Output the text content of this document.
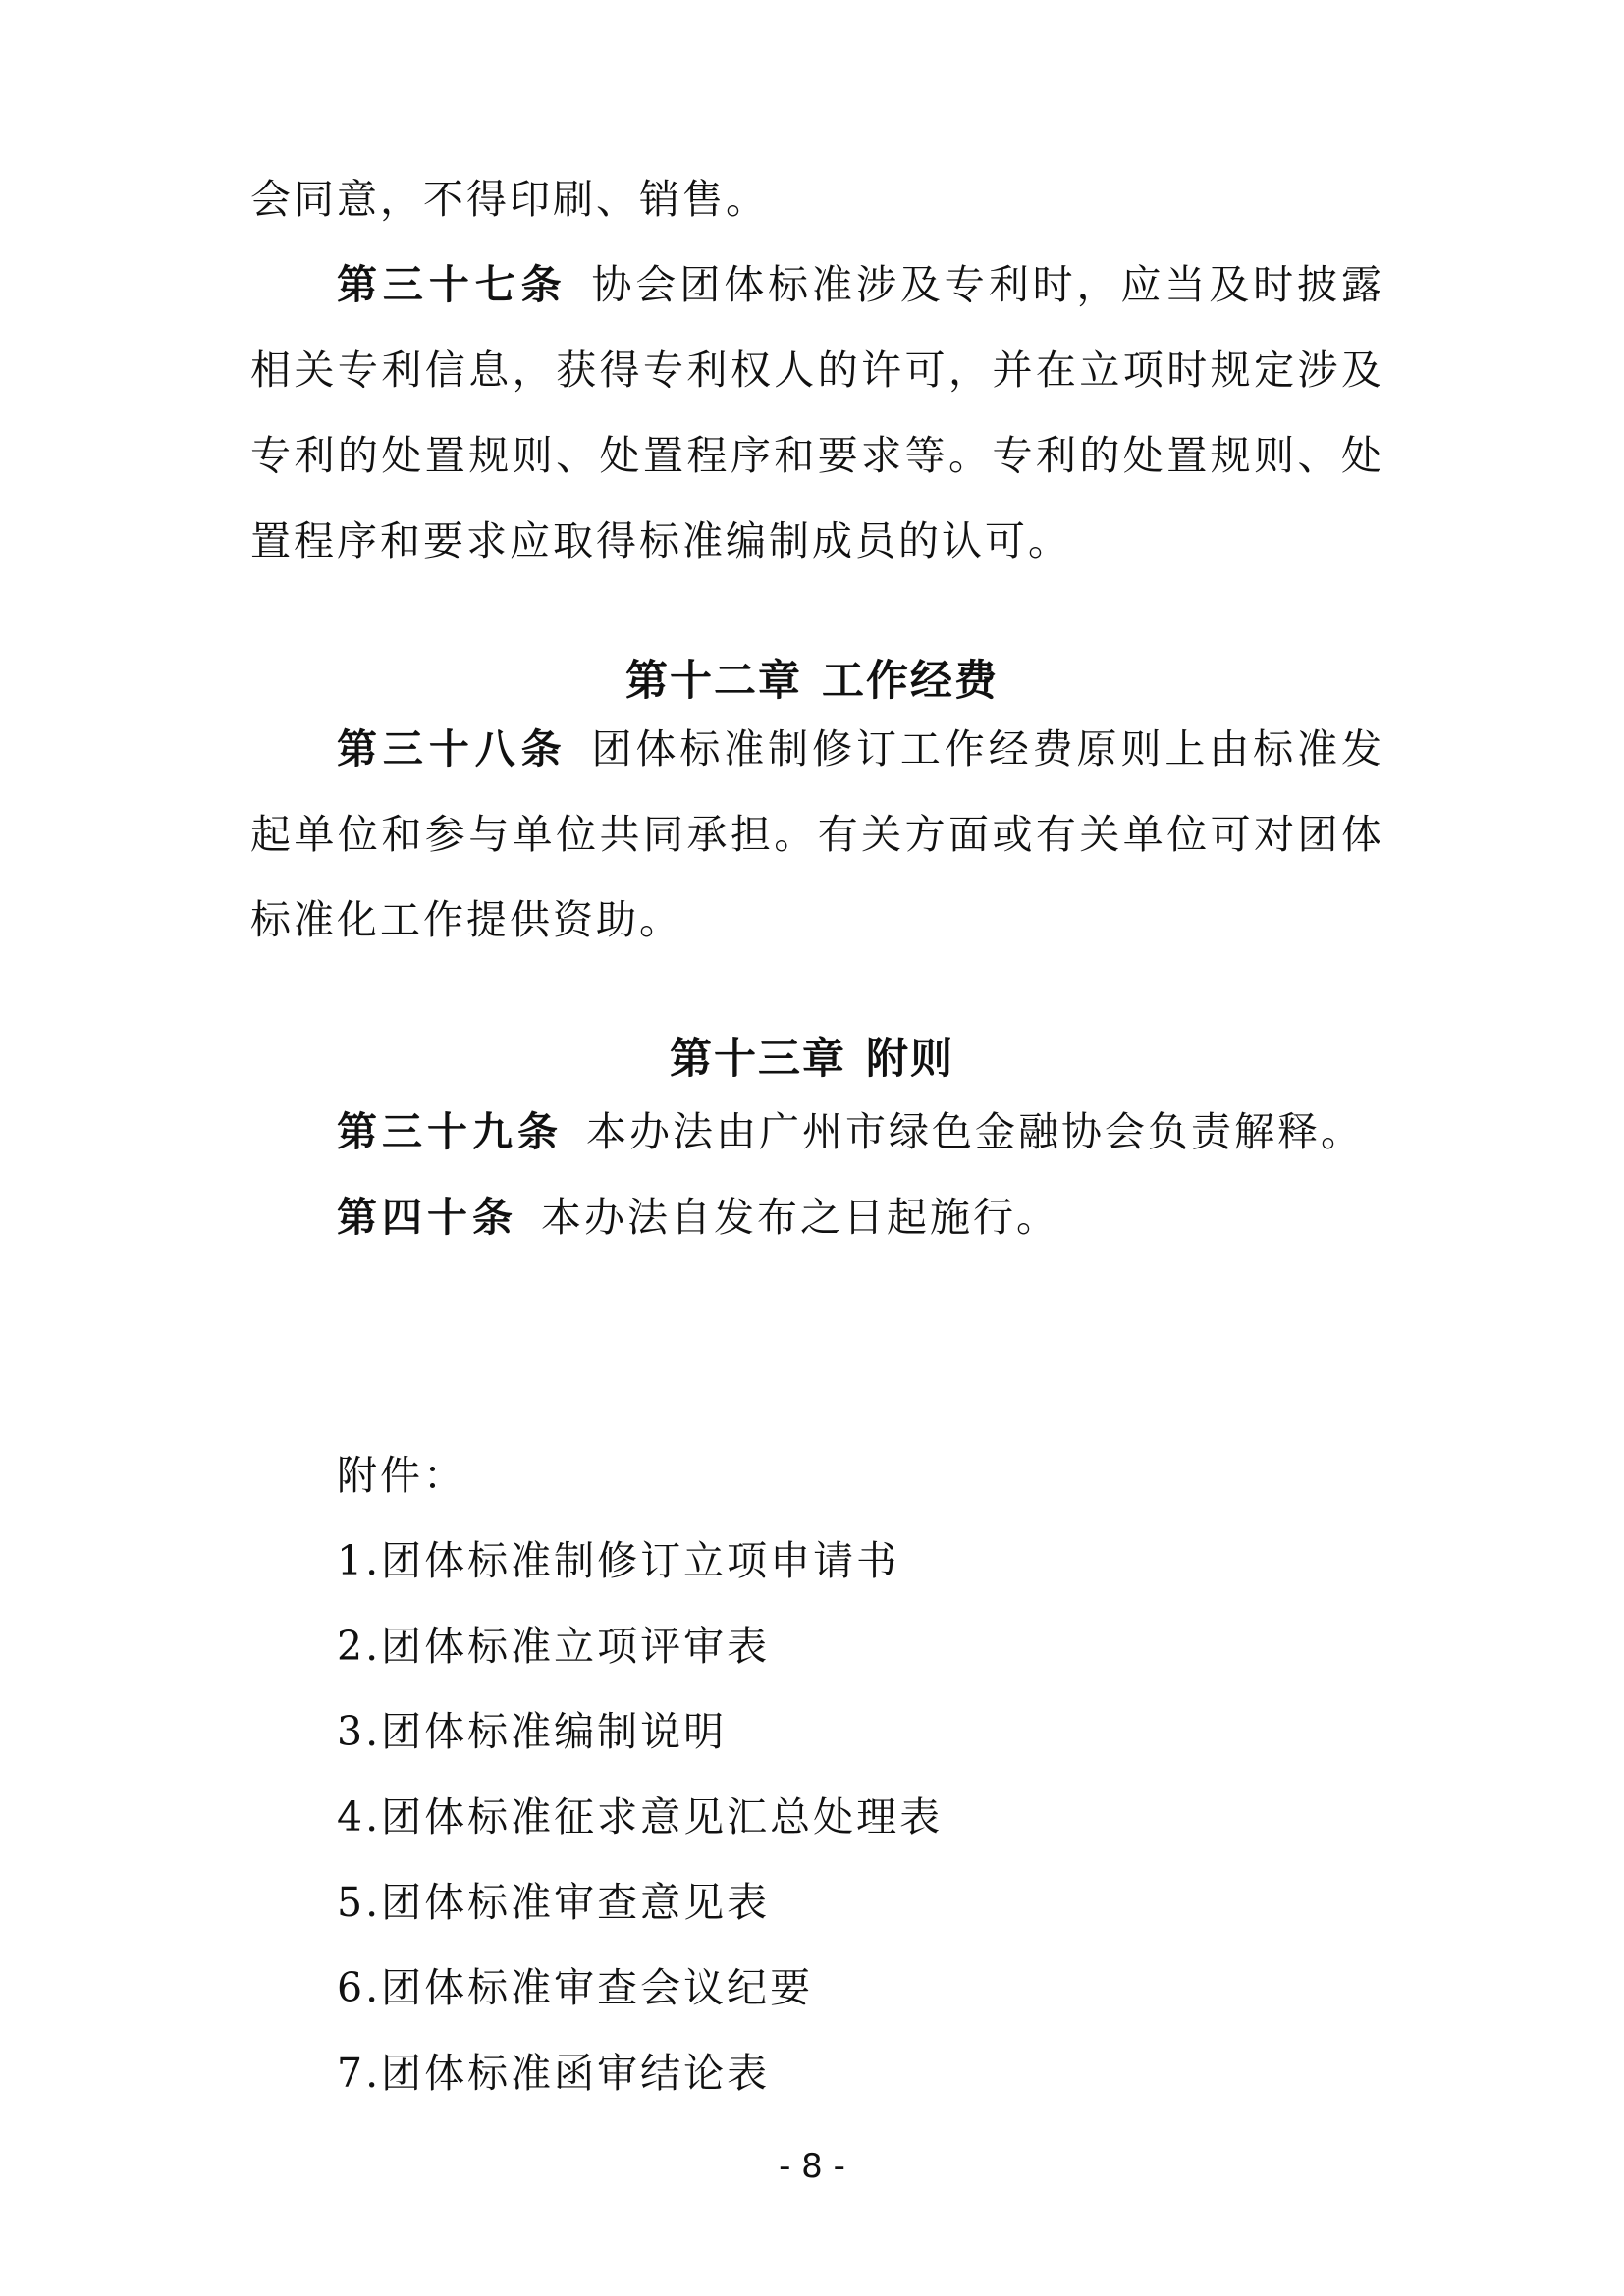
会同意，不得印刷、销售。
第三十七条 协会团体标准涉及专利时，应当及时披露相关专利信息，获得专利权人的许可，并在立项时规定涉及专利的处置规则、处置程序和要求等。专利的处置规则、处置程序和要求应取得标准编制成员的认可。
第十二章 工作经费
第三十八条 团体标准制修订工作经费原则上由标准发起单位和参与单位共同承担。有关方面或有关单位可对团体标准化工作提供资助。
第十三章 附则
第三十九条 本办法由广州市绿色金融协会负责解释。
第四十条 本办法自发布之日起施行。
附件：
1.团体标准制修订立项申请书
2.团体标准立项评审表
3.团体标准编制说明
4.团体标准征求意见汇总处理表
5.团体标准审查意见表
6.团体标准审查会议纪要
7.团体标准函审结论表
- 8 -
